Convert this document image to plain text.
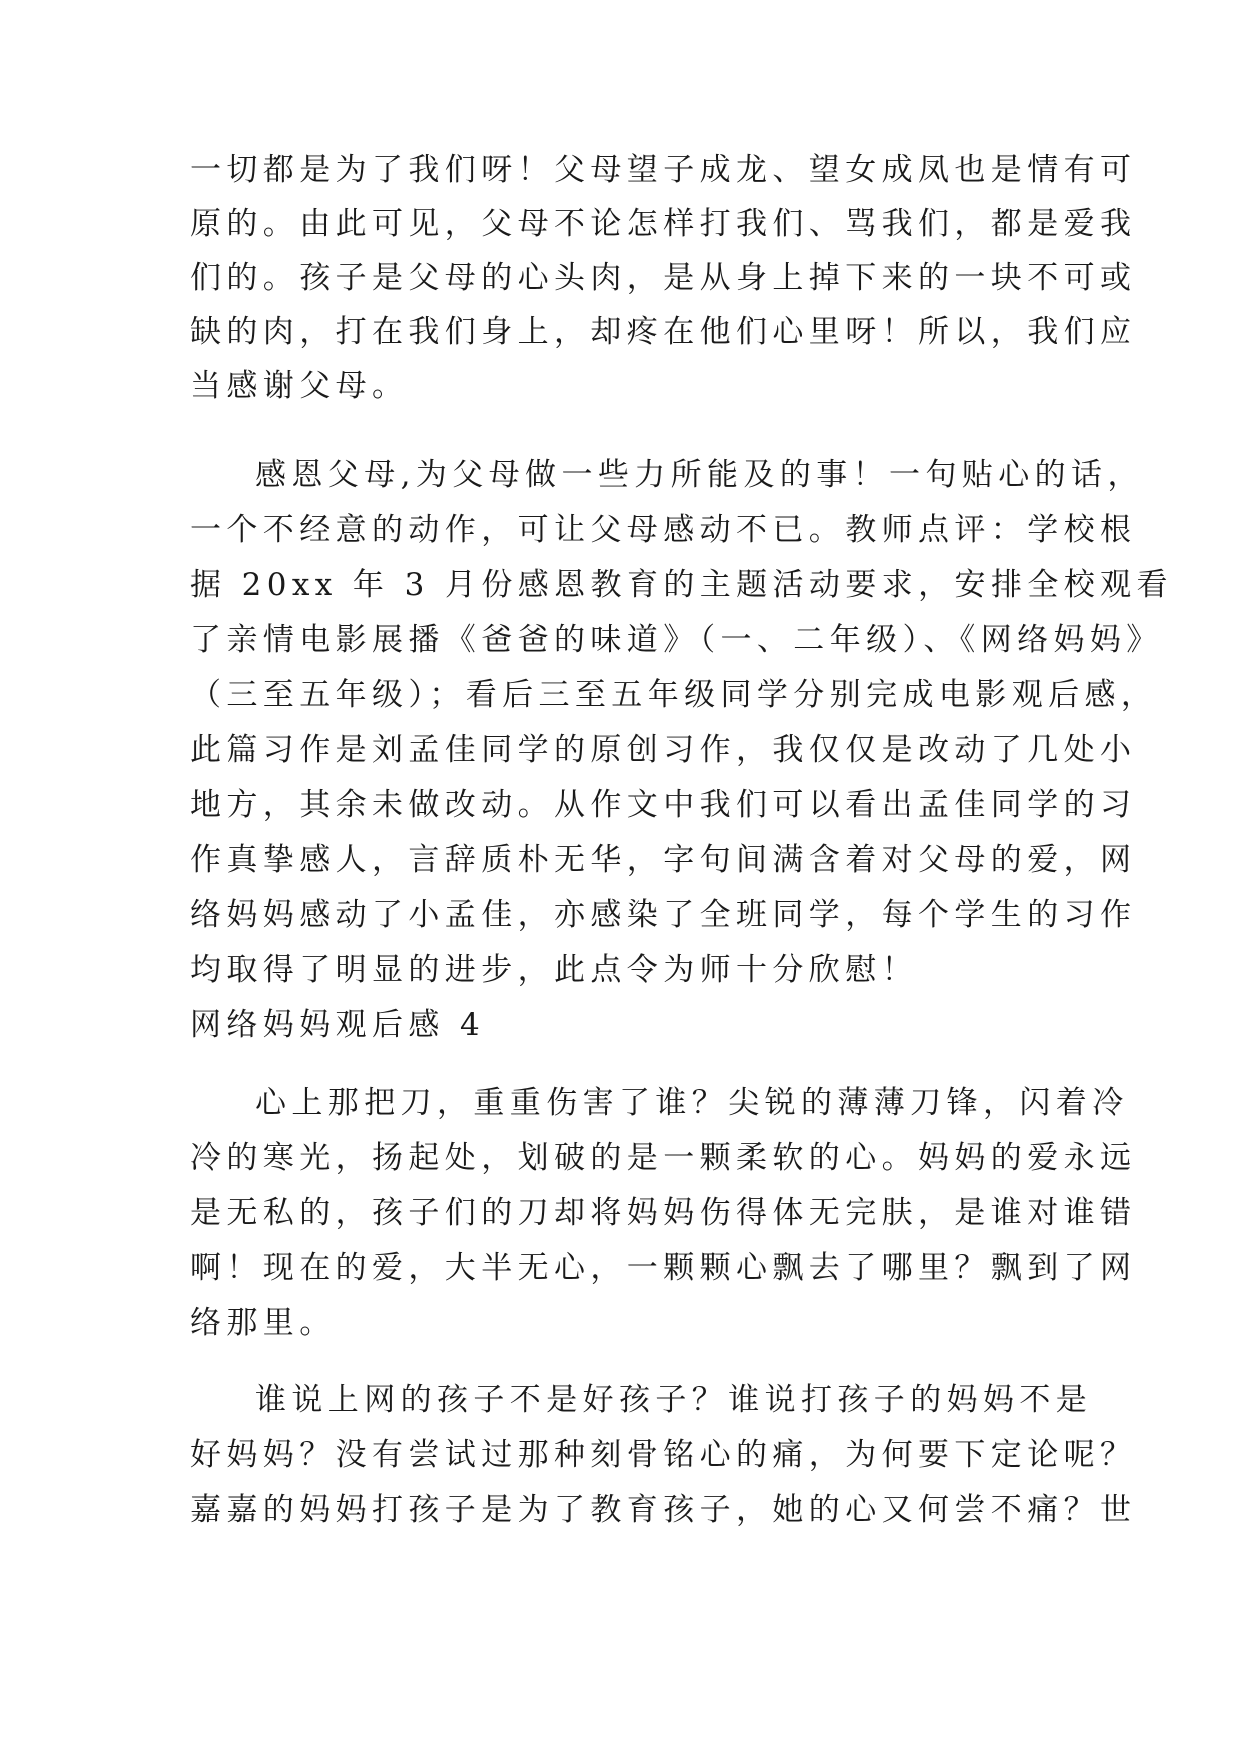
一切都是为了我们呀！父母望子成龙、望女成凤也是情有可

原的。由此可见，父母不论怎样打我们、骂我们，都是爱我

们的。孩子是父母的心头肉，是从身上掉下来的一块不可或

缺的肉，打在我们身上，却疼在他们心里呀！所以，我们应

当感谢父母。

感恩父母,为父母做一些力所能及的事！一句贴心的话，

一个不经意的动作，可让父母感动不已。教师点评：学校根

据 20xx 年 3 月份感恩教育的主题活动要求，安排全校观看

了亲情电影展播《爸爸的味道》（一、二年级）、《网络妈妈》

（三至五年级）；看后三至五年级同学分别完成电影观后感，

此篇习作是刘孟佳同学的原创习作，我仅仅是改动了几处小

地方，其余未做改动。从作文中我们可以看出孟佳同学的习

作真挚感人，言辞质朴无华，字句间满含着对父母的爱，网

络妈妈感动了小孟佳，亦感染了全班同学，每个学生的习作

均取得了明显的进步，此点令为师十分欣慰！

网络妈妈观后感 4

心上那把刀，重重伤害了谁？尖锐的薄薄刀锋，闪着冷

冷的寒光，扬起处，划破的是一颗柔软的心。妈妈的爱永远

是无私的，孩子们的刀却将妈妈伤得体无完肤，是谁对谁错

啊！现在的爱，大半无心，一颗颗心飘去了哪里？飘到了网

络那里。

谁说上网的孩子不是好孩子？谁说打孩子的妈妈不是

好妈妈？没有尝试过那种刻骨铭心的痛，为何要下定论呢？

嘉嘉的妈妈打孩子是为了教育孩子，她的心又何尝不痛？世
